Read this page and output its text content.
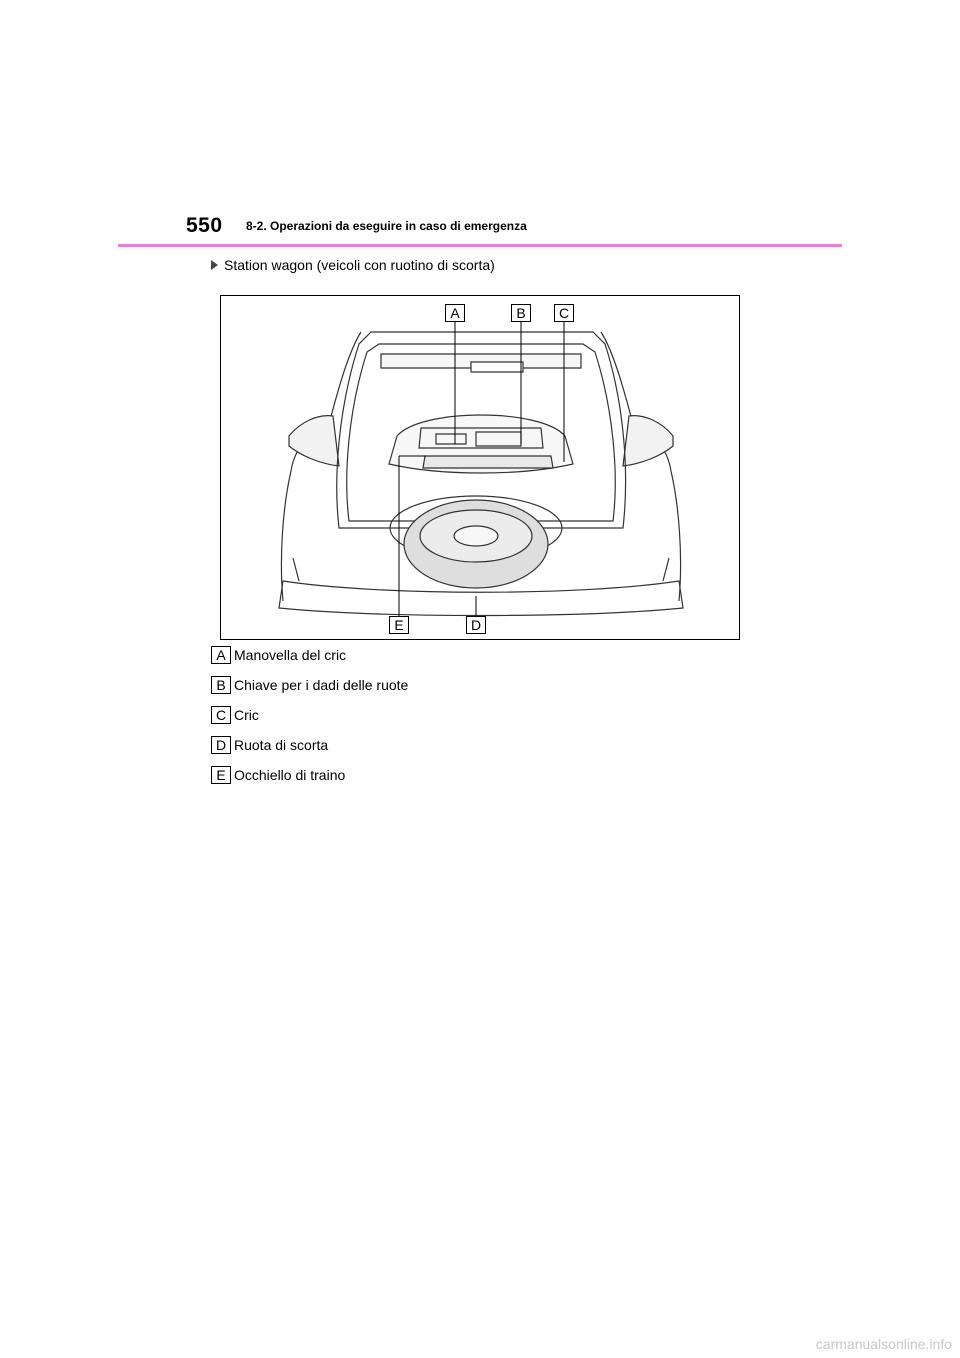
550 8-2. Operazioni da eseguire in caso di emergenza
Station wagon (veicoli con ruotino di scorta)
A	B	C
E	D
A Manovella del cric
B Chiave per i dadi delle ruote
C Cric
D Ruota di scorta
E Occhiello di traino
carmanualsonline.info
